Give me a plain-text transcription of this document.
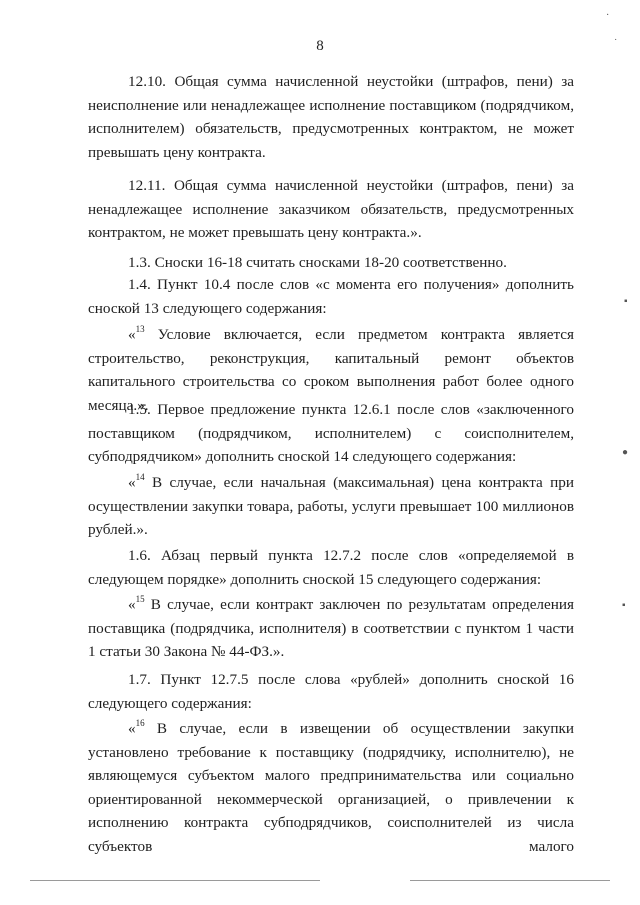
8

12.10. Общая сумма начисленной неустойки (штрафов, пени) за неисполнение или ненадлежащее исполнение поставщиком (подрядчиком, исполнителем) обязательств, предусмотренных контрактом, не может превышать цену контракта.

12.11. Общая сумма начисленной неустойки (штрафов, пени) за ненадлежащее исполнение заказчиком обязательств, предусмотренных контрактом, не может превышать цену контракта.».

1.3. Сноски 16-18 считать сносками 18-20 соответственно.

1.4. Пункт 10.4 после слов «с момента его получения» дополнить сноской 13 следующего содержания:

«$^{13}$ Условие включается, если предметом контракта является строительство, реконструкция, капитальный ремонт объектов капитального строительства со сроком выполнения работ более одного месяца.».

1.5. Первое предложение пункта 12.6.1 после слов «заключенного поставщиком (подрядчиком, исполнителем) с соисполнителем, субподрядчиком» дополнить сноской 14 следующего содержания:

«$^{14}$ В случае, если начальная (максимальная) цена контракта при осуществлении закупки товара, работы, услуги превышает 100 миллионов рублей.».

1.6. Абзац первый пункта 12.7.2 после слов «определяемой в следующем порядке» дополнить сноской 15 следующего содержания:

«$^{15}$ В случае, если контракт заключен по результатам определения поставщика (подрядчика, исполнителя) в соответствии с пунктом 1 части 1 статьи 30 Закона № 44-ФЗ.».

1.7. Пункт 12.7.5 после слова «рублей» дополнить сноской 16 следующего содержания:

«$^{16}$ В случае, если в извещении об осуществлении закупки установлено требование к поставщику (подрядчику, исполнителю), не являющемуся субъектом малого предпринимательства или социально ориентированной некоммерческой организацией, о привлечении к исполнению контракта субподрядчиков, соисполнителей из числа субъектов малого

·
˙
▪
●
▪
